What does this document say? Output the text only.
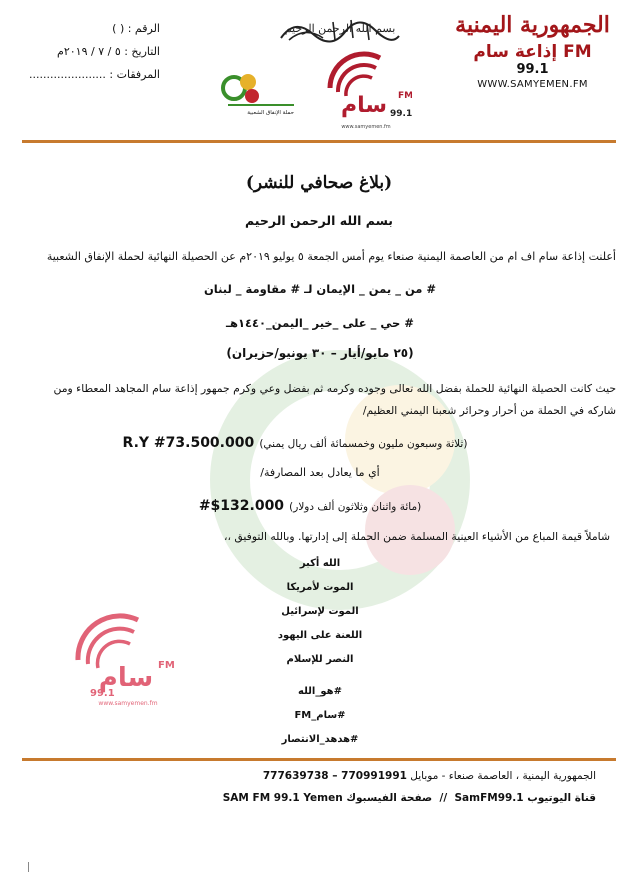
الجمهورية اليمنية
إذاعة سام FM
99.1
WWW.SAMYEMEN.FM
بسم الله الرحمن الرحيم
سام FM
99.1
www.samyemen.fm
حملة الإنفاق الشعبية
الرقم : ( )
التاريخ : ٥ / ٧ / ٢٠١٩م
المرفقات : ......................
(بلاغ صحافي للنشر)
بسم الله الرحمن الرحيم
أعلنت إذاعة سام اف ام من العاصمة اليمنية صنعاء يوم أمس الجمعة ٥ يوليو ٢٠١٩م عن الحصيلة النهائية لحملة الإنفاق الشعبية
# من _ يمن _ الإيمان لـ # مقاومة _ لبنان
# حي _ على _خير _اليمن_١٤٤٠هـ
(٢٥ مايو/أيار – ٣٠ يونيو/حزيران)
حيث كانت الحصيلة النهائية للحملة بفضل الله تعالى وجوده وكرمه ثم بفضل وعي وكرم جمهور إذاعة سام المجاهد المعطاء ومن
شاركه في الحملة من أحرار وحرائر شعبنا اليمني العظيم/
(ثلاثة وسبعون مليون وخمسمائة ألف ريال يمني) #73.500.000 R.Y
أي ما يعادل بعد المصارفة/
(مائة واثنان وثلاثون ألف دولار) #$132.000
شاملاً قيمة المباع من الأشياء العينية المسلمة ضمن الحملة إلى إدارتها. وبالله التوفيق ،،
الله أكبر
الموت لأمريكا
الموت لإسرائيل
اللعنة على اليهود
النصر للإسلام
#هو_الله
#سام_FM
#هدهد_الانتصار
سام FM
99.1
www.samyemen.fm
الجمهورية اليمنية ، العاصمة صنعاء - موبايل 777639738 – 770991991
قناة اليوتيوب SamFM99.1  //  صفحة الفيسبوك SAM FM 99.1 Yemen
